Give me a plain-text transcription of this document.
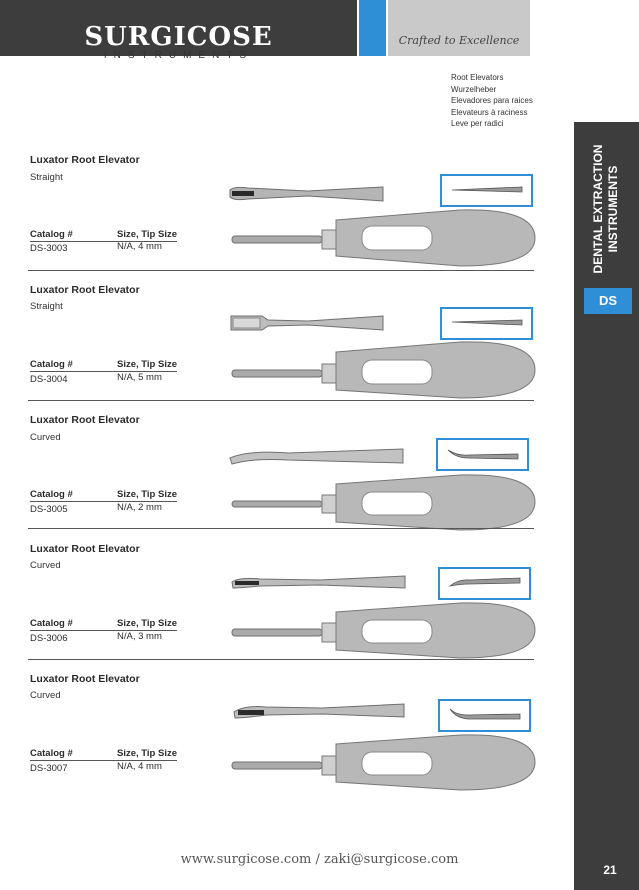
SURGICOSE
INSTRUMENTS
Crafted to Excellence
Root Elevators
Wurzelheber
Elevadores para raices
Elevateurs à raciness
Leve per radici
DENTAL EXTRACTION INSTRUMENTS
DS
21
Luxator Root Elevator
Straight
Catalog #	Size, Tip Size
DS-3003	N/A, 4 mm
Luxator Root Elevator
Straight
Catalog #	Size, Tip Size
DS-3004	N/A, 5 mm
Luxator Root Elevator
Curved
Catalog #	Size, Tip Size
DS-3005	N/A, 2 mm
Luxator Root Elevator
Curved
Catalog #	Size, Tip Size
DS-3006	N/A, 3 mm
Luxator Root Elevator
Curved
Catalog #	Size, Tip Size
DS-3007	N/A, 4 mm
www.surgicose.com / zaki@surgicose.com
